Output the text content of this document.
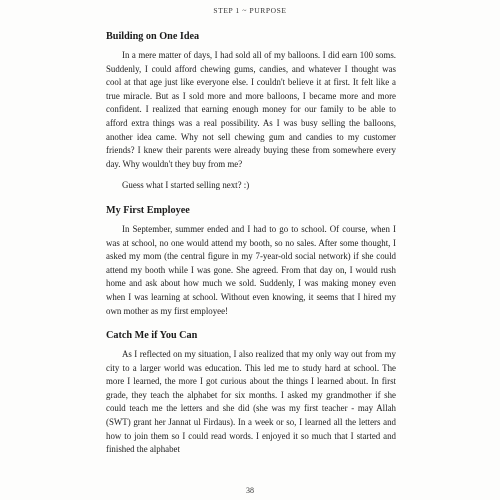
STEP 1 ~ PURPOSE
Building on One Idea

In a mere matter of days, I had sold all of my balloons. I did earn 100 soms. Suddenly, I could afford chewing gums, candies, and whatever I thought was cool at that age just like everyone else. I couldn't believe it at first. It felt like a true miracle. But as I sold more and more balloons, I became more and more confident. I realized that earning enough money for our family to be able to afford extra things was a real possibility. As I was busy selling the balloons, another idea came. Why not sell chewing gum and candies to my customer friends? I knew their parents were already buying these from somewhere every day. Why wouldn't they buy from me?

Guess what I started selling next? :)

My First Employee

In September, summer ended and I had to go to school. Of course, when I was at school, no one would attend my booth, so no sales. After some thought, I asked my mom (the central figure in my 7-year-old social network) if she could attend my booth while I was gone. She agreed. From that day on, I would rush home and ask about how much we sold. Suddenly, I was making money even when I was learning at school. Without even knowing, it seems that I hired my own mother as my first employee!

Catch Me if You Can

As I reflected on my situation, I also realized that my only way out from my city to a larger world was education. This led me to study hard at school. The more I learned, the more I got curious about the things I learned about. In first grade, they teach the alphabet for six months. I asked my grandmother if she could teach me the letters and she did (she was my first teacher - may Allah (SWT) grant her Jannat ul Firdaus). In a week or so, I learned all the letters and how to join them so I could read words. I enjoyed it so much that I started and finished the alphabet

38
